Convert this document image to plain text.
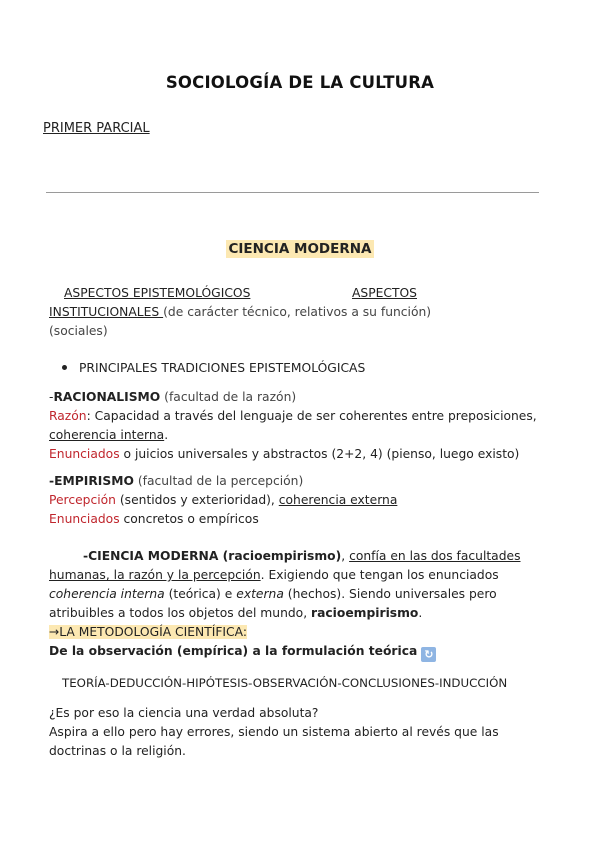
SOCIOLOGÍA DE LA CULTURA
PRIMER PARCIAL
CIENCIA MODERNA
ASPECTOS EPISTEMOLÓGICOS	ASPECTOS
INSTITUCIONALES (de carácter técnico, relativos a su función)
(sociales)
PRINCIPALES TRADICIONES EPISTEMOLÓGICAS
-RACIONALISMO (facultad de la razón)
Razón: Capacidad a través del lenguaje de ser coherentes entre preposiciones,
coherencia interna.
Enunciados o juicios universales y abstractos (2+2, 4) (pienso, luego existo)
-EMPIRISMO (facultad de la percepción)
Percepción (sentidos y exterioridad), coherencia externa
Enunciados concretos o empíricos
-CIENCIA MODERNA (racioempirismo), confía en las dos facultades
humanas, la razón y la percepción. Exigiendo que tengan los enunciados
coherencia interna (teórica) e externa (hechos). Siendo universales pero
atribuibles a todos los objetos del mundo, racioempirismo.
→LA METODOLOGÍA CIENTÍFICA:
De la observación (empírica) a la formulación teórica ↻
TEORÍA-DEDUCCIÓN-HIPÓTESIS-OBSERVACIÓN-CONCLUSIONES-INDUCCIÓN
¿Es por eso la ciencia una verdad absoluta?
Aspira a ello pero hay errores, siendo un sistema abierto al revés que las
doctrinas o la religión.
